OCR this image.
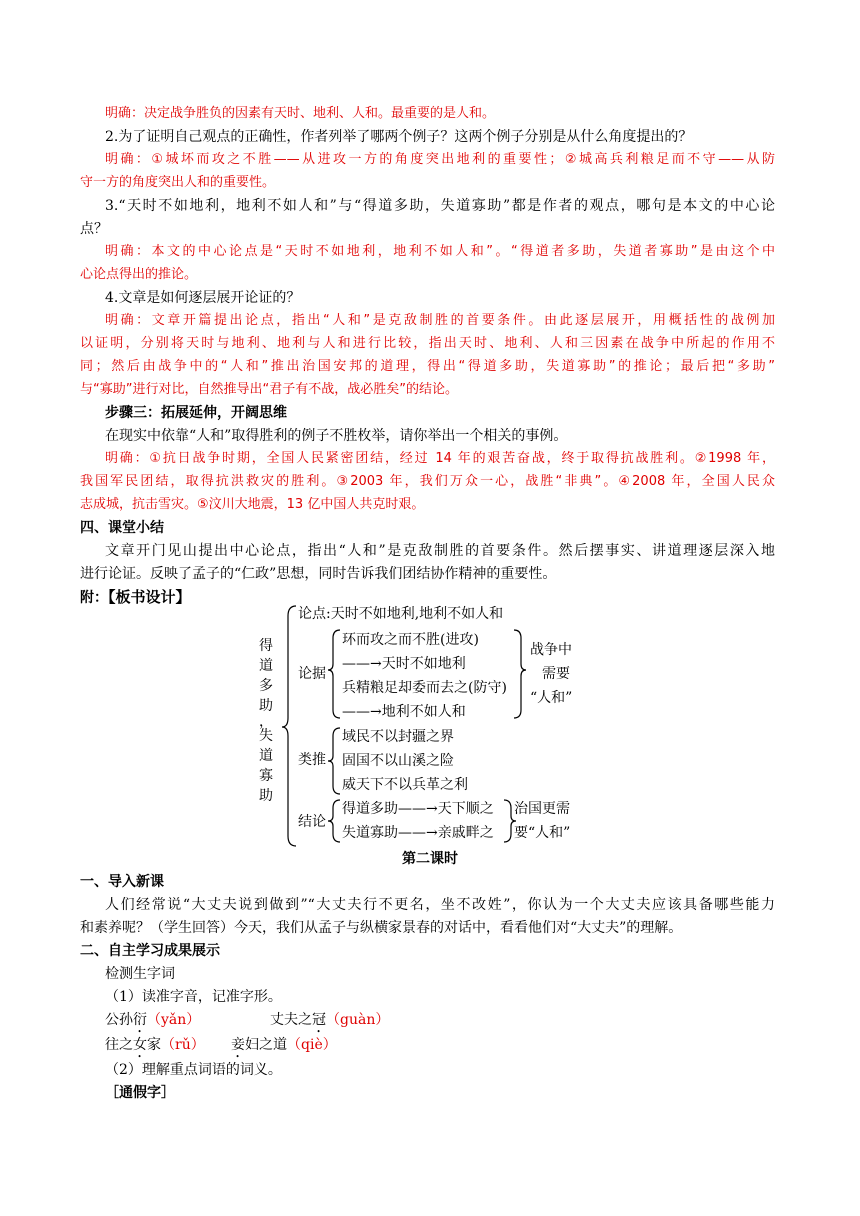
明确：决定战争胜负的因素有天时、地利、人和。最重要的是人和。
2.为了证明自己观点的正确性，作者列举了哪两个例子？这两个例子分别是从什么角度提出的？
明确：①城坏而攻之不胜——从进攻一方的角度突出地利的重要性；②城高兵利粮足而不守——从防
守一方的角度突出人和的重要性。
3.“天时不如地利，地利不如人和”与“得道多助，失道寡助”都是作者的观点，哪句是本文的中心论
点？
明确：本文的中心论点是“天时不如地利，地利不如人和”。“得道者多助，失道者寡助”是由这个中
心论点得出的推论。
4.文章是如何逐层展开论证的？
明确：文章开篇提出论点，指出“人和”是克敌制胜的首要条件。由此逐层展开，用概括性的战例加
以证明，分别将天时与地利、地利与人和进行比较，指出天时、地利、人和三因素在战争中所起的作用不
同；然后由战争中的“人和”推出治国安邦的道理，得出“得道多助，失道寡助”的推论；最后把“多助”
与“寡助”进行对比，自然推导出“君子有不战，战必胜矣”的结论。
步骤三：拓展延伸，开阔思维
在现实中依靠“人和”取得胜利的例子不胜枚举，请你举出一个相关的事例。
明确：①抗日战争时期，全国人民紧密团结，经过 14 年的艰苦奋战，终于取得抗战胜利。②1998 年，
我国军民团结，取得抗洪救灾的胜利。③2003 年，我们万众一心，战胜“非典”。④2008 年，全国人民众
志成城，抗击雪灾。⑤汶川大地震，13 亿中国人共克时艰。
四、课堂小结
文章开门见山提出中心论点，指出“人和”是克敌制胜的首要条件。然后摆事实、讲道理逐层深入地
进行论证。反映了孟子的“仁政”思想，同时告诉我们团结协作精神的重要性。
附：【板书设计】
得
道
多
助
，
失
道
寡
助
论点:天时不如地利,地利不如人和
论据
环而攻之而不胜(进攻)
——→天时不如地利
兵精粮足却委而去之(防守)
——→地利不如人和
战争中
需要
“人和”
类推
域民不以封疆之界
固国不以山溪之险
威天下不以兵革之利
结论
得道多助——→天下顺之
失道寡助——→亲戚畔之
治国更需
要“人和”
第二课时
一、导入新课
人们经常说“大丈夫说到做到”“大丈夫行不更名，坐不改姓”，你认为一个大丈夫应该具备哪些能力
和素养呢？（学生回答）今天，我们从孟子与纵横家景春的对话中，看看他们对“大丈夫”的理解。
二、自主学习成果展示
检测生字词
（1）读准字音，记准字形。
公孙衍（yǎn）	丈夫之冠（guàn）
往之女家（rǔ） 妾妇之道（qiè）
（2）理解重点词语的词义。
［通假字］
